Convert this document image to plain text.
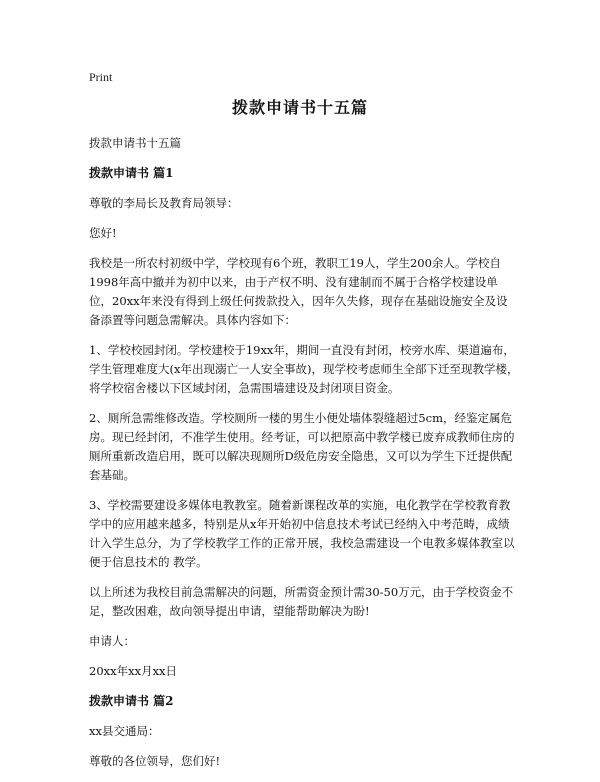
Print
拨款申请书十五篇

拨款申请书十五篇

拨款申请书 篇1

尊敬的李局长及教育局领导：

您好!

我校是一所农村初级中学，学校现有6个班，教职工19人，学生200余人。学校自1998年高中撤并为初中以来，由于产权不明、没有建制而不属于合格学校建设单位，20xx年来没有得到上级任何拨款投入，因年久失修，现存在基础设施安全及设备添置等问题急需解决。具体内容如下：

1、学校校园封闭。学校建校于19xx年，期间一直没有封闭，校旁水库、渠道遍布，学生管理难度大(x年出现溺亡一人安全事故)，现学校考虑师生全部下迁至现教学楼，将学校宿舍楼以下区域封闭，急需围墙建设及封闭项目资金。

2、厕所急需维修改造。学校厕所一楼的男生小便处墙体裂缝超过5cm，经鉴定属危房。现已经封闭，不准学生使用。经考证，可以把原高中教学楼已废弃成教师住房的厕所重新改造启用，既可以解决现厕所D级危房安全隐患，又可以为学生下迁提供配套基础。

3、学校需要建设多媒体电教教室。随着新课程改革的实施，电化教学在学校教育教学中的应用越来越多，特别是从x年开始初中信息技术考试已经纳入中考范畴，成绩计入学生总分，为了学校教学工作的正常开展，我校急需建设一个电教多媒体教室以便于信息技术的 教学。

以上所述为我校目前急需解决的问题，所需资金预计需30-50万元，由于学校资金不足，整改困难，故向领导提出申请，望能帮助解决为盼!

申请人：

20xx年xx月xx日

拨款申请书 篇2

xx县交通局：

尊敬的各位领导，您们好!
